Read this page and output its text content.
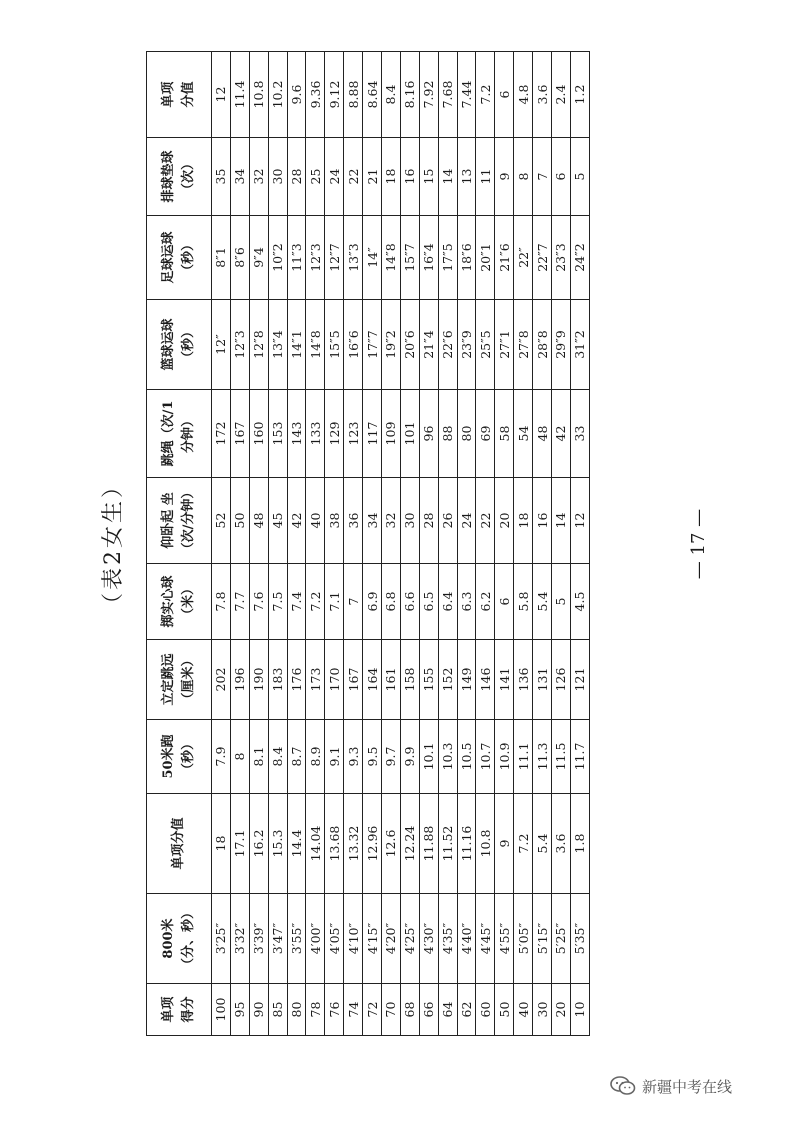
（表2女生）
单项 得分	800米 （分、秒）	单项分值	50米跑 （秒）	立定跳远 （厘米）	掷实心球 （米）	仰卧起 坐 （次/分钟）	跳绳（次/1 分钟）	篮球运球 （秒）	足球运球 （秒）	排球垫球 （次）	单项 分值
100	3′25″	18	7.9	202	7.8	52	172	12″	8″1	35	12
95	3′32″	17.1	8	196	7.7	50	167	12″3	8″6	34	11.4
90	3′39″	16.2	8.1	190	7.6	48	160	12″8	9″4	32	10.8
85	3′47″	15.3	8.4	183	7.5	45	153	13″4	10″2	30	10.2
80	3′55″	14.4	8.7	176	7.4	42	143	14″1	11″3	28	9.6
78	4′00″	14.04	8.9	173	7.2	40	133	14″8	12″3	25	9.36
76	4′05″	13.68	9.1	170	7.1	38	129	15″5	12″7	24	9.12
74	4′10″	13.32	9.3	167	7	36	123	16″6	13″3	22	8.88
72	4′15″	12.96	9.5	164	6.9	34	117	17″7	14″	21	8.64
70	4′20″	12.6	9.7	161	6.8	32	109	19″2	14″8	18	8.4
68	4′25″	12.24	9.9	158	6.6	30	101	20″6	15″7	16	8.16
66	4′30″	11.88	10.1	155	6.5	28	96	21″4	16″4	15	7.92
64	4′35″	11.52	10.3	152	6.4	26	88	22″6	17″5	14	7.68
62	4′40″	11.16	10.5	149	6.3	24	80	23″9	18″6	13	7.44
60	4′45″	10.8	10.7	146	6.2	22	69	25″5	20″1	11	7.2
50	4′55″	9	10.9	141	6	20	58	27″1	21″6	9	6
40	5′05″	7.2	11.1	136	5.8	18	54	27″8	22″	8	4.8
30	5′15″	5.4	11.3	131	5.4	16	48	28″8	22″7	7	3.6
20	5′25″	3.6	11.5	126	5	14	42	29″9	23″3	6	2.4
10	5′35″	1.8	11.7	121	4.5	12	33	31″2	24″2	5	1.2
— 17 —
新疆中考在线
